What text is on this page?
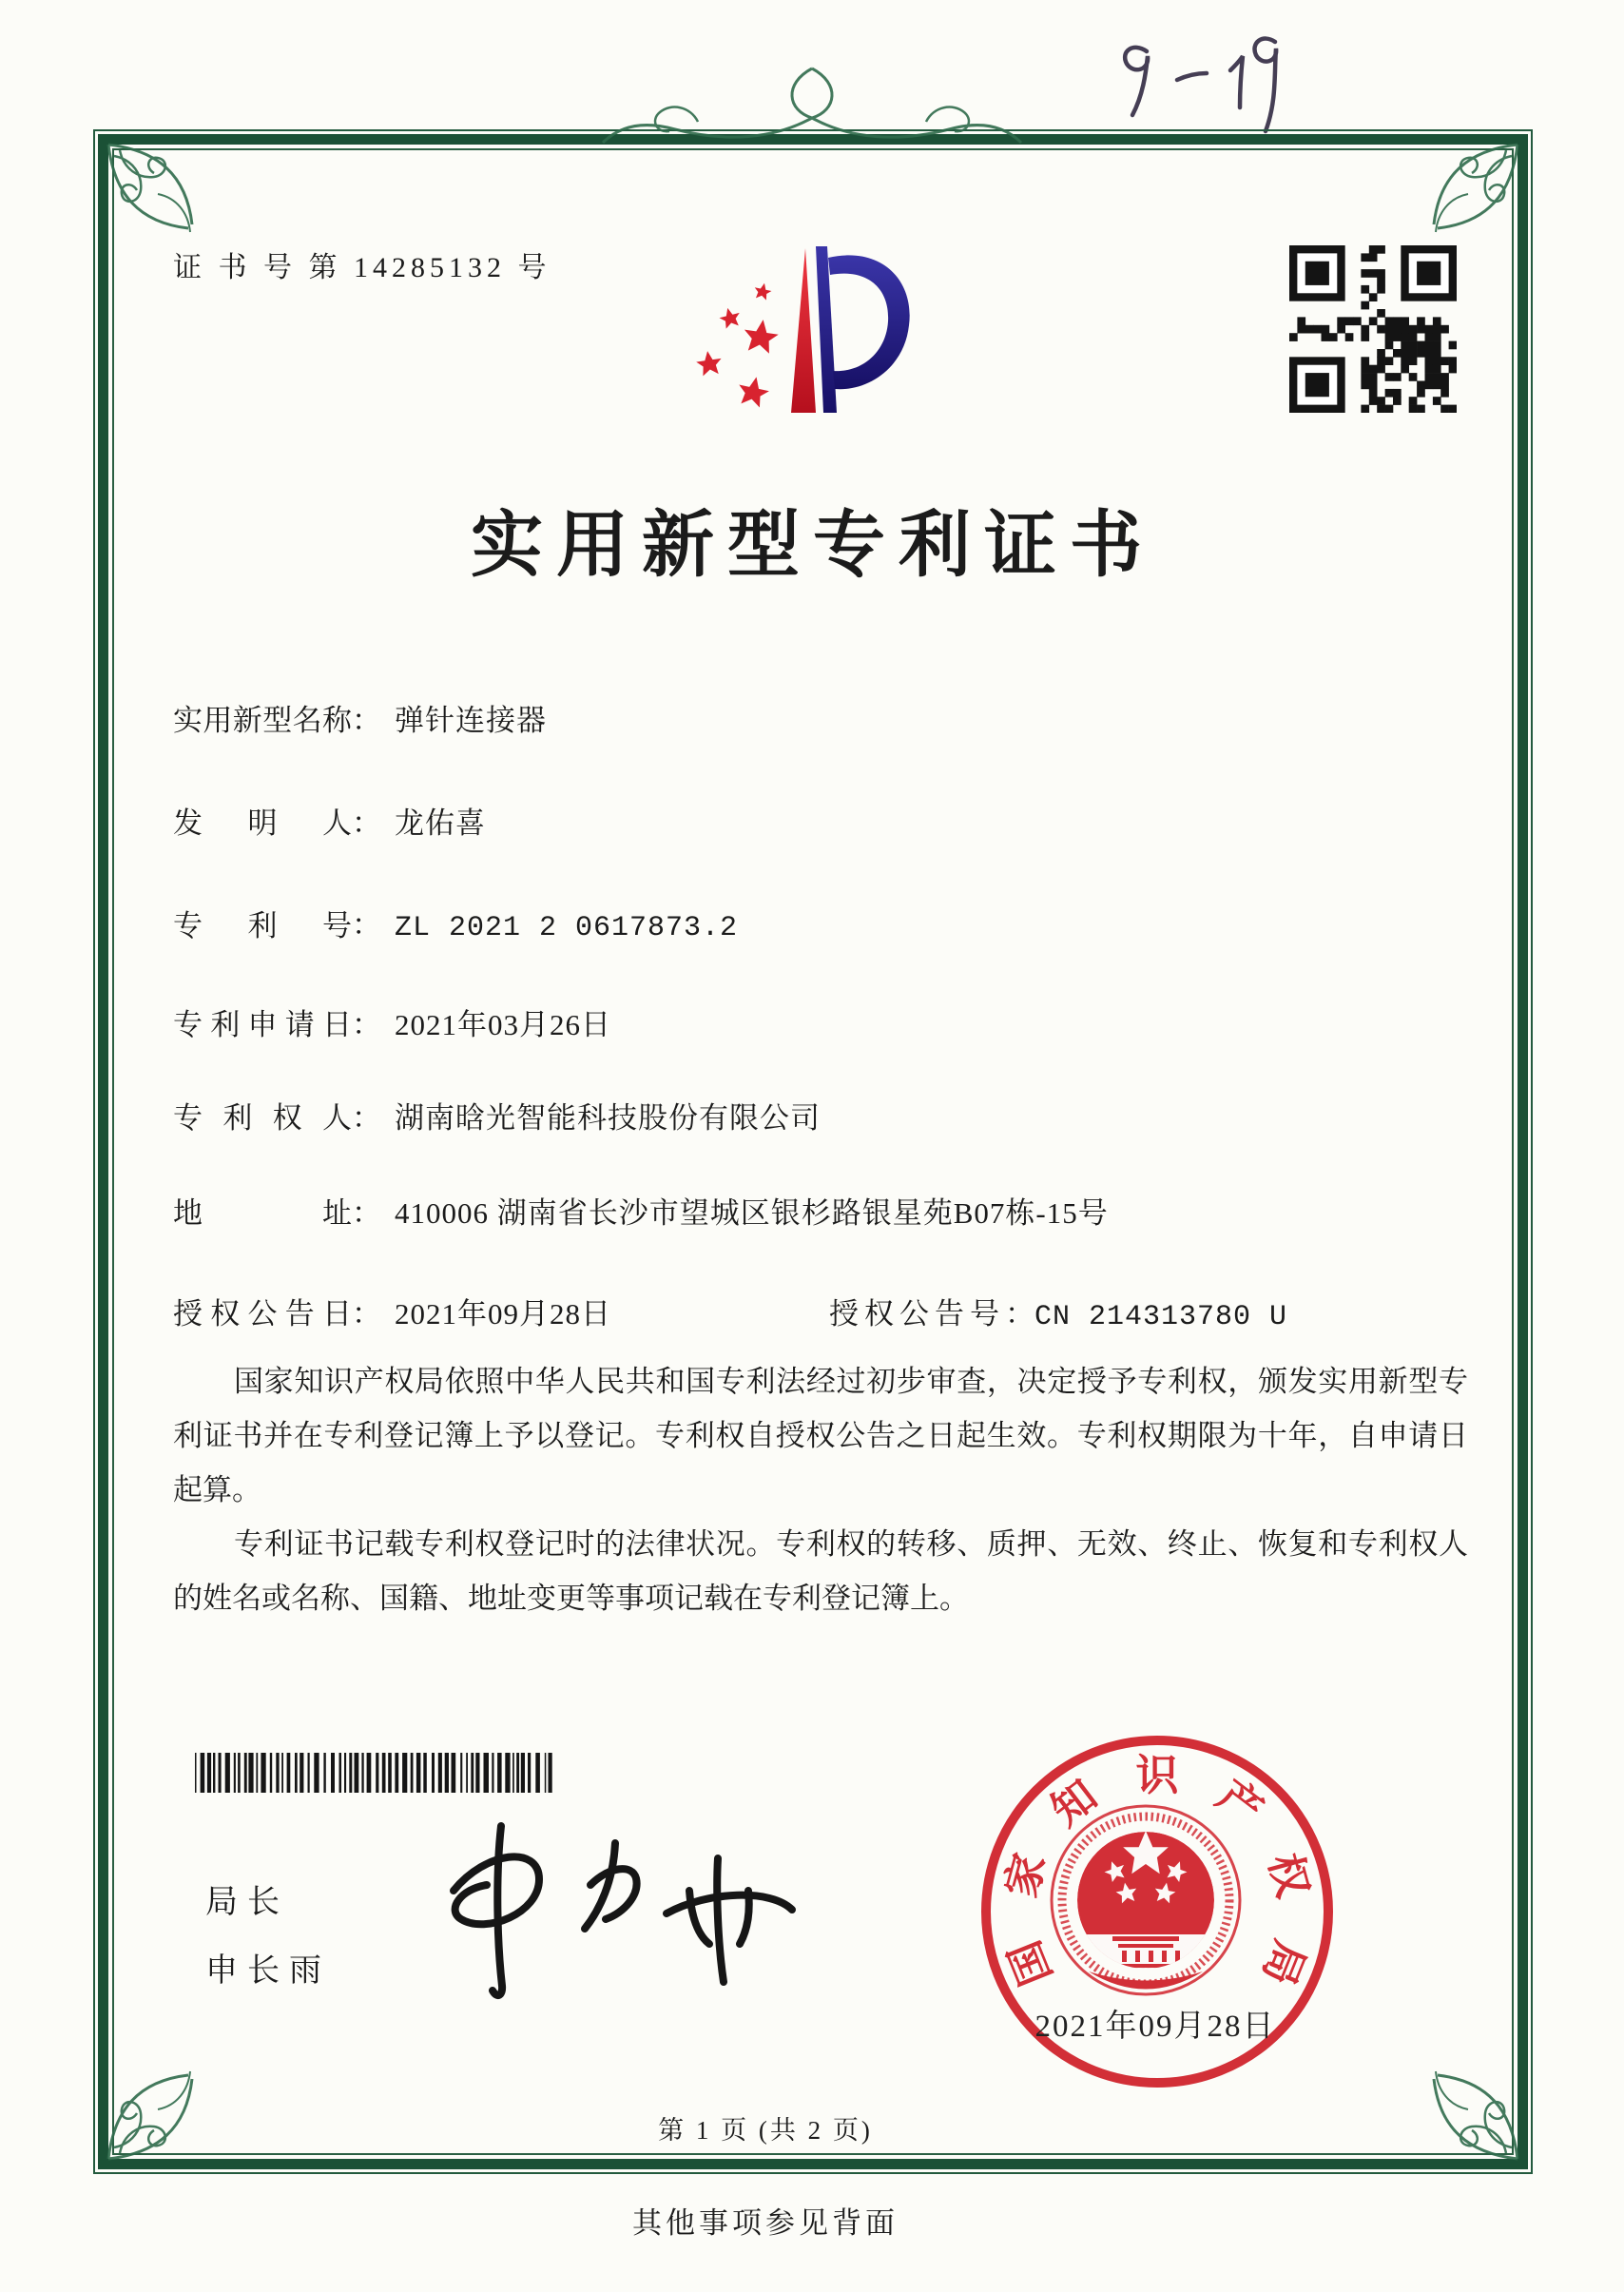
证 书 号 第 14285132 号
实用新型专利证书
实用新型名称： 弹针连接器
发明人： 龙佑喜
专利号： ZL 2021 2 0617873.2
专利申请日： 2021年03月26日
专利权人： 湖南晗光智能科技股份有限公司
地址： 410006 湖南省长沙市望城区银杉路银星苑B07栋-15号
授权公告日： 2021年09月28日	授权公告号：CN 214313780 U

国家知识产权局依照中华人民共和国专利法经过初步审查，决定授予专利权，颁发实用新型专利证书并在专利登记簿上予以登记。专利权自授权公告之日起生效。专利权期限为十年，自申请日起算。

专利证书记载专利权登记时的法律状况。专利权的转移、质押、无效、终止、恢复和专利权人的姓名或名称、国籍、地址变更等事项记载在专利登记簿上。

局长
申长雨	国
家
知 识 产
权
局
2021年09月28日
第 1 页 (共 2 页)
其他事项参见背面
